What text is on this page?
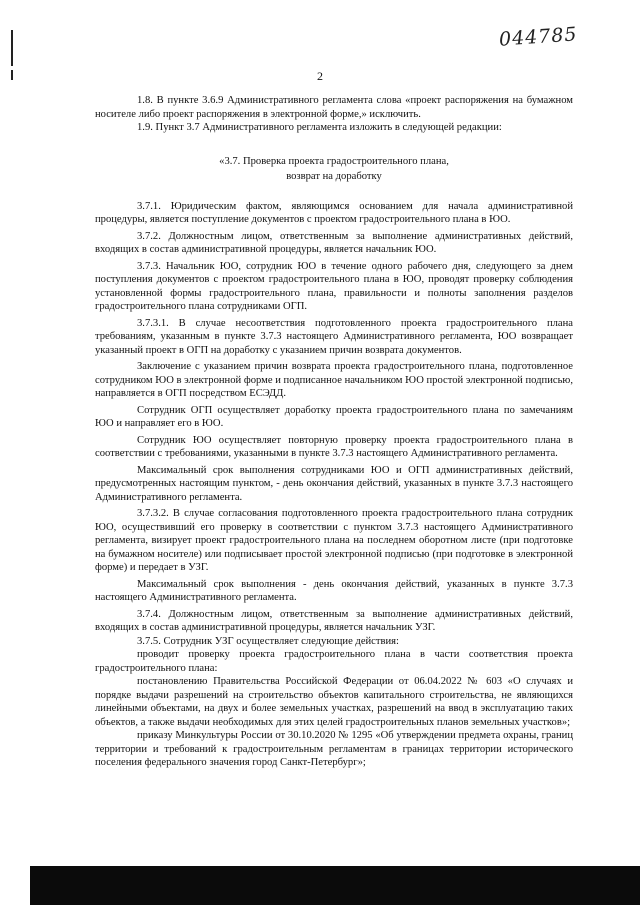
044785
2

1.8. В пункте 3.6.9 Административного регламента слова «проект распоряжения на бумажном носителе либо проект распоряжения в электронной форме,» исключить.

1.9. Пункт 3.7 Административного регламента изложить в следующей редакции:

«3.7. Проверка проекта градостроительного плана,
возврат на доработку

3.7.1. Юридическим фактом, являющимся основанием для начала административной процедуры, является поступление документов с проектом градостроительного плана в ЮО.

3.7.2. Должностным лицом, ответственным за выполнение административных действий, входящих в состав административной процедуры, является начальник ЮО.

3.7.3. Начальник ЮО, сотрудник ЮО в течение одного рабочего дня, следующего за днем поступления документов с проектом градостроительного плана в ЮО, проводят проверку соблюдения установленной формы градостроительного плана, правильности и полноты заполнения разделов градостроительного плана сотрудниками ОГП.

3.7.3.1. В случае несоответствия подготовленного проекта градостроительного плана требованиям, указанным в пункте 3.7.3 настоящего Административного регламента, ЮО возвращает указанный проект в ОГП на доработку с указанием причин возврата документов.

Заключение с указанием причин возврата проекта градостроительного плана, подготовленное сотрудником ЮО в электронной форме и подписанное начальником ЮО простой электронной подписью, направляется в ОГП посредством ЕСЭДД.

Сотрудник ОГП осуществляет доработку проекта градостроительного плана по замечаниям ЮО и направляет его в ЮО.

Сотрудник ЮО осуществляет повторную проверку проекта градостроительного плана в соответствии с требованиями, указанными в пункте 3.7.3 настоящего Административного регламента.

Максимальный срок выполнения сотрудниками ЮО и ОГП административных действий, предусмотренных настоящим пунктом, - день окончания действий, указанных в пункте 3.7.3 настоящего Административного регламента.

3.7.3.2. В случае согласования подготовленного проекта градостроительного плана сотрудник ЮО, осуществивший его проверку в соответствии с пунктом 3.7.3 настоящего Административного регламента, визирует проект градостроительного плана на последнем оборотном листе (при подготовке на бумажном носителе) или подписывает простой электронной подписью (при подготовке в электронной форме) и передает в УЗГ.

Максимальный срок выполнения - день окончания действий, указанных в пункте 3.7.3 настоящего Административного регламента.

3.7.4. Должностным лицом, ответственным за выполнение административных действий, входящих в состав административной процедуры, является начальник УЗГ.

3.7.5. Сотрудник УЗГ осуществляет следующие действия:

проводит проверку проекта градостроительного плана в части соответствия проекта градостроительного плана:

постановлению Правительства Российской Федерации от 06.04.2022 № 603 «О случаях и порядке выдачи разрешений на строительство объектов капитального строительства, не являющихся линейными объектами, на двух и более земельных участках, разрешений на ввод в эксплуатацию таких объектов, а также выдачи необходимых для этих целей градостроительных планов земельных участков»;

приказу Минкультуры России от 30.10.2020 № 1295 «Об утверждении предмета охраны, границ территории и требований к градостроительным регламентам в границах территории исторического поселения федерального значения город Санкт-Петербург»;
